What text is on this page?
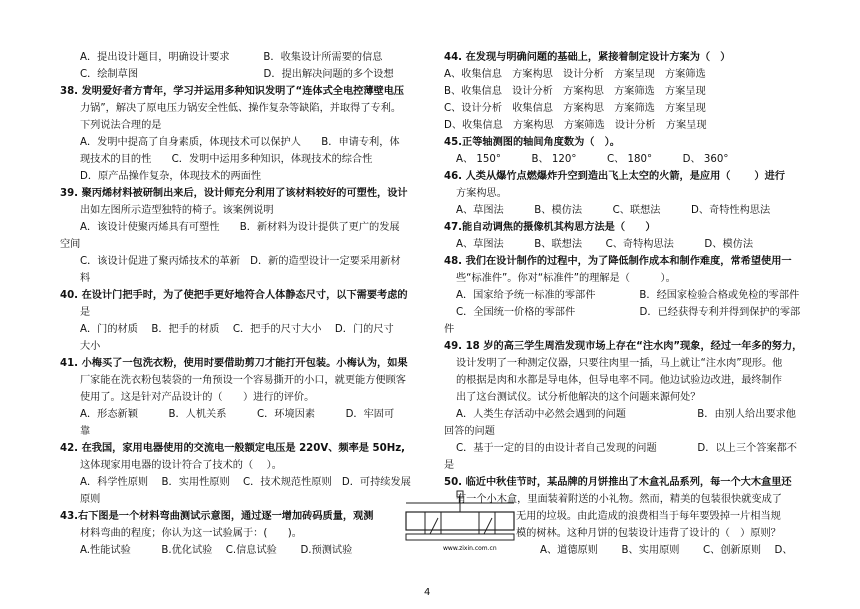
A．提出设计题目，明确设计要求　　　 B．收集设计所需要的信息
C．绘制草图　　　　　　　　　　　　 D．提出解决问题的多个设想
38. 发明爱好者方青年，学习并运用多种知识发明了“连体式全电控薄壁电压
力锅”，解决了原电压力锅安全性低、操作复杂等缺陷，并取得了专利。
下列说法合理的是
A．发明中提高了自身素质，体现技术可以保护人　　B．申请专利，体
现技术的目的性　　C．发明中运用多种知识，体现技术的综合性
D．原产品操作复杂，体现技术的两面性
39. 聚丙烯材料被研制出来后，设计师充分利用了该材料较好的可塑性，设计
出如左图所示造型独特的椅子。该案例说明
A．该设计使聚丙烯具有可塑性　　B．新材料为设计提供了更广的发展
空间
C．该设计促进了聚丙烯技术的革新　D．新的造型设计一定要采用新材
料
40. 在设计门把手时，为了使把手更好地符合人体静态尺寸，以下需要考虑的
是
A．门的材质　 B．把手的材质　 C．把手的尺寸大小　 D．门的尺寸
大小
41. 小梅买了一包洗衣粉，使用时要借助剪刀才能打开包装。小梅认为，如果
厂家能在洗衣粉包装袋的一角预设一个容易撕开的小口，就更能方便顾客
使用了。这是针对产品设计的（　　）进行的评价。
A．形态新颖　　　B．人机关系　　　C．环境因素　　　D．牢固可
靠
42. 在我国，家用电器使用的交流电一般额定电压是 220V、频率是 50Hz,
这体现家用电器的设计符合了技术的（　 ）。
A．科学性原则　 B．实用性原则　 C．技术规范性原则　D．可持续发展
原则
43.右下图是一个材料弯曲测试示意图，通过逐一增加砖码质量，观测
材料弯曲的程度；你认为这一试验属于：(　　)。
A.性能试验　　　B.优化试验　 C.信息试验　　 D.预测试验
44. 在发现与明确问题的基础上，紧接着制定设计方案为（　）
A、收集信息　方案构思　设计分析　方案呈现　方案筛选
B、收集信息　设计分析　方案构思　方案筛选　方案呈现
C、设计分析　收集信息　方案构思　方案筛选　方案呈现
D、收集信息　方案构思　方案筛选　设计分析　方案呈现
45.正等轴测图的轴间角度数为（　）。
A、 150°　　　B、 120°　　　C、 180°　　　D、 360°
46. 人类从爆竹点燃爆炸升空到造出飞上太空的火箭，是应用（　　 ）进行
方案构思。
A、草图法　　　B、模仿法　　　C、联想法　　　D、奇特性构思法
47.能自动调焦的摄像机其构思方法是（　　）
A、草图法　　　B、联想法　　 C、奇特构思法　　　D、模仿法
48. 我们在设计制作的过程中，为了降低制作成本和制作难度，常希望使用一
些“标准件”。你对“标准件”的理解是（　　　）。
A．国家给予统一标准的零部件　　　　 B．经国家检验合格或免检的零部件
C．全国统一价格的零部件　　　　　　 D．已经获得专利并得到保护的零部
件
49. 18 岁的高三学生周浩发现市场上存在“注水肉”现象，经过一年多的努力，
设计发明了一种测定仪器，只要往肉里一插，马上就让“注水肉”现形。他
的根据是肉和水都是导电体，但导电率不同。他边试验边改进，最终制作
出了这台测试仪。试分析他解决的这个问题来源何处？
A．人类生存活动中必然会遇到的问题　　　　　　　B．由别人给出要求他
回答的问题
C．基于一定的目的由设计者自己发现的问题　　　　D．以上三个答案都不
是
50. 临近中秋佳节时，某品牌的月饼推出了木盒礼品系列，每一个大木盒里还
有一个小木盒，里面装着附送的小礼物。然而，精美的包装很快就变成了
无用的垃圾。由此造成的浪费相当于每年要毁掉一片相当规
模的树林。这种月饼的包装设计违背了设计的（　）原则？
A、道德原则　　 B、实用原则　　 C、创新原则　 D、
www.zixin.com.cn
4
